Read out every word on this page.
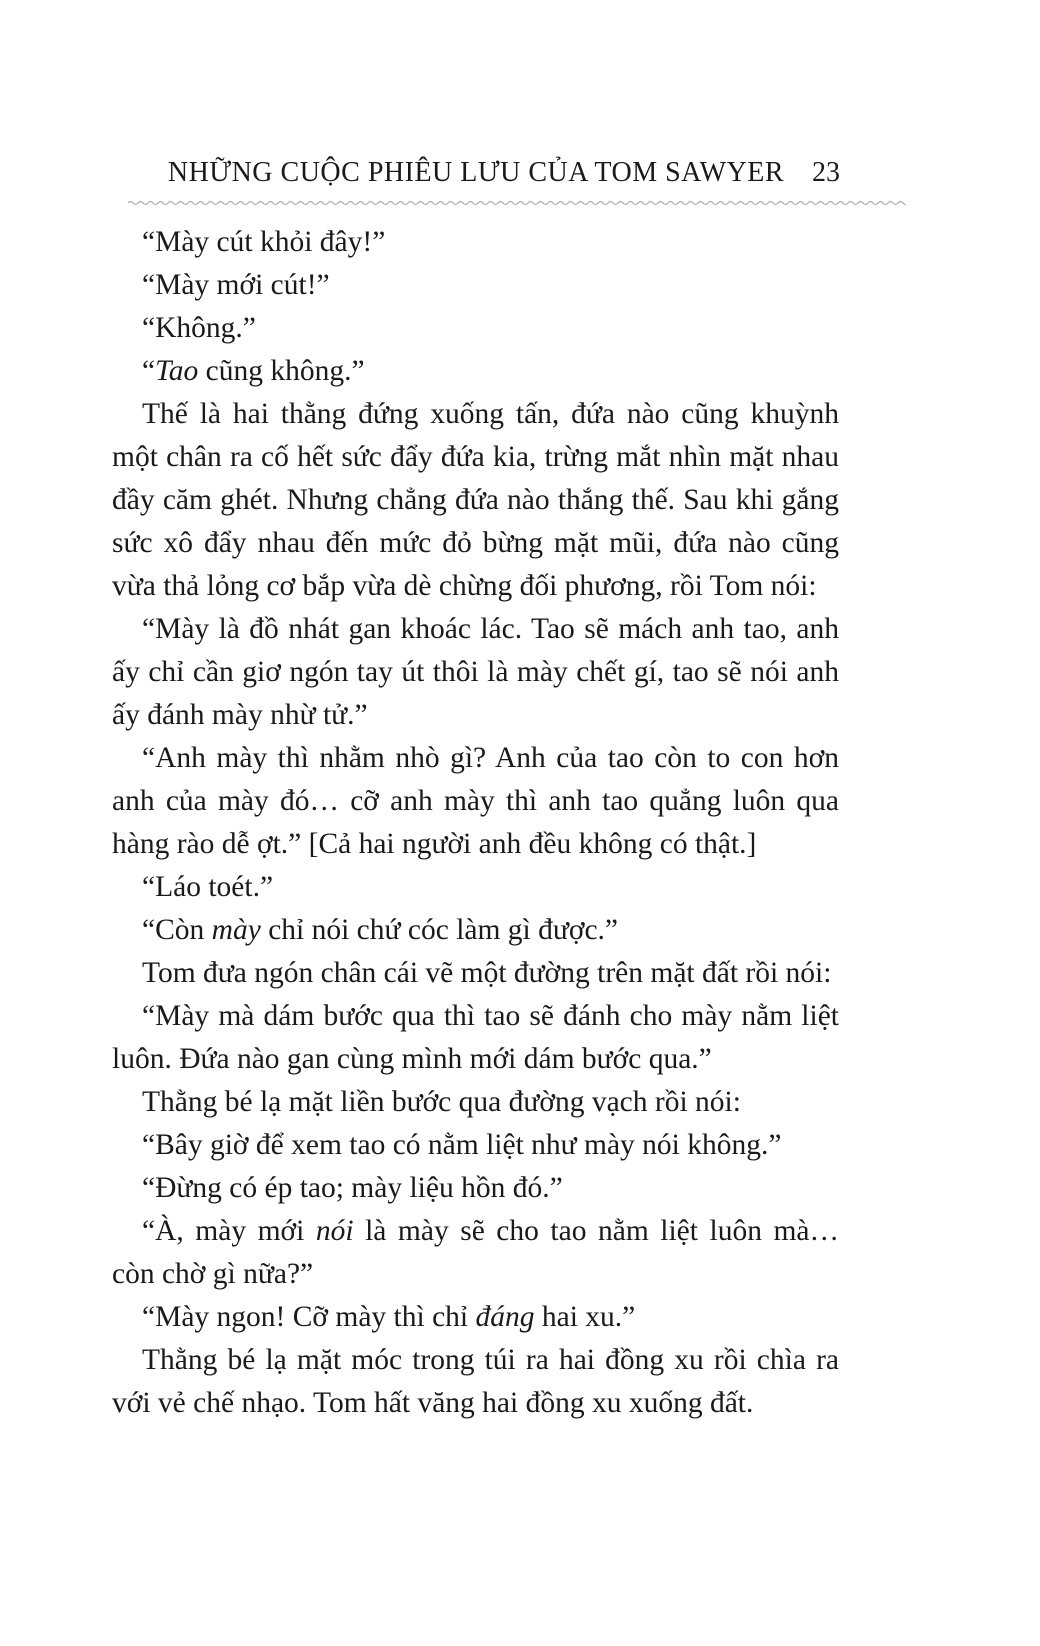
NHỮNG CUỘC PHIÊU LƯU CỦA TOM SAWYER 23

“Mày cút khỏi đây!”

“Mày mới cút!”

“Không.”

“Tao cũng không.”

Thế là hai thằng đứng xuống tấn, đứa nào cũng khuỳnh một chân ra cố hết sức đẩy đứa kia, trừng mắt nhìn mặt nhau đầy căm ghét. Nhưng chẳng đứa nào thắng thế. Sau khi gắng sức xô đẩy nhau đến mức đỏ bừng mặt mũi, đứa nào cũng vừa thả lỏng cơ bắp vừa dè chừng đối phương, rồi Tom nói:

“Mày là đồ nhát gan khoác lác. Tao sẽ mách anh tao, anh ấy chỉ cần giơ ngón tay út thôi là mày chết gí, tao sẽ nói anh ấy đánh mày nhừ tử.”

“Anh mày thì nhằm nhò gì? Anh của tao còn to con hơn anh của mày đó… cỡ anh mày thì anh tao quẳng luôn qua hàng rào dễ ợt.” [Cả hai người anh đều không có thật.]

“Láo toét.”

“Còn mày chỉ nói chứ cóc làm gì được.”

Tom đưa ngón chân cái vẽ một đường trên mặt đất rồi nói:

“Mày mà dám bước qua thì tao sẽ đánh cho mày nằm liệt luôn. Đứa nào gan cùng mình mới dám bước qua.”

Thằng bé lạ mặt liền bước qua đường vạch rồi nói:

“Bây giờ để xem tao có nằm liệt như mày nói không.”

“Đừng có ép tao; mày liệu hồn đó.”

“À, mày mới nói là mày sẽ cho tao nằm liệt luôn mà… còn chờ gì nữa?”

“Mày ngon! Cỡ mày thì chỉ đáng hai xu.”

Thằng bé lạ mặt móc trong túi ra hai đồng xu rồi chìa ra với vẻ chế nhạo. Tom hất văng hai đồng xu xuống đất.
